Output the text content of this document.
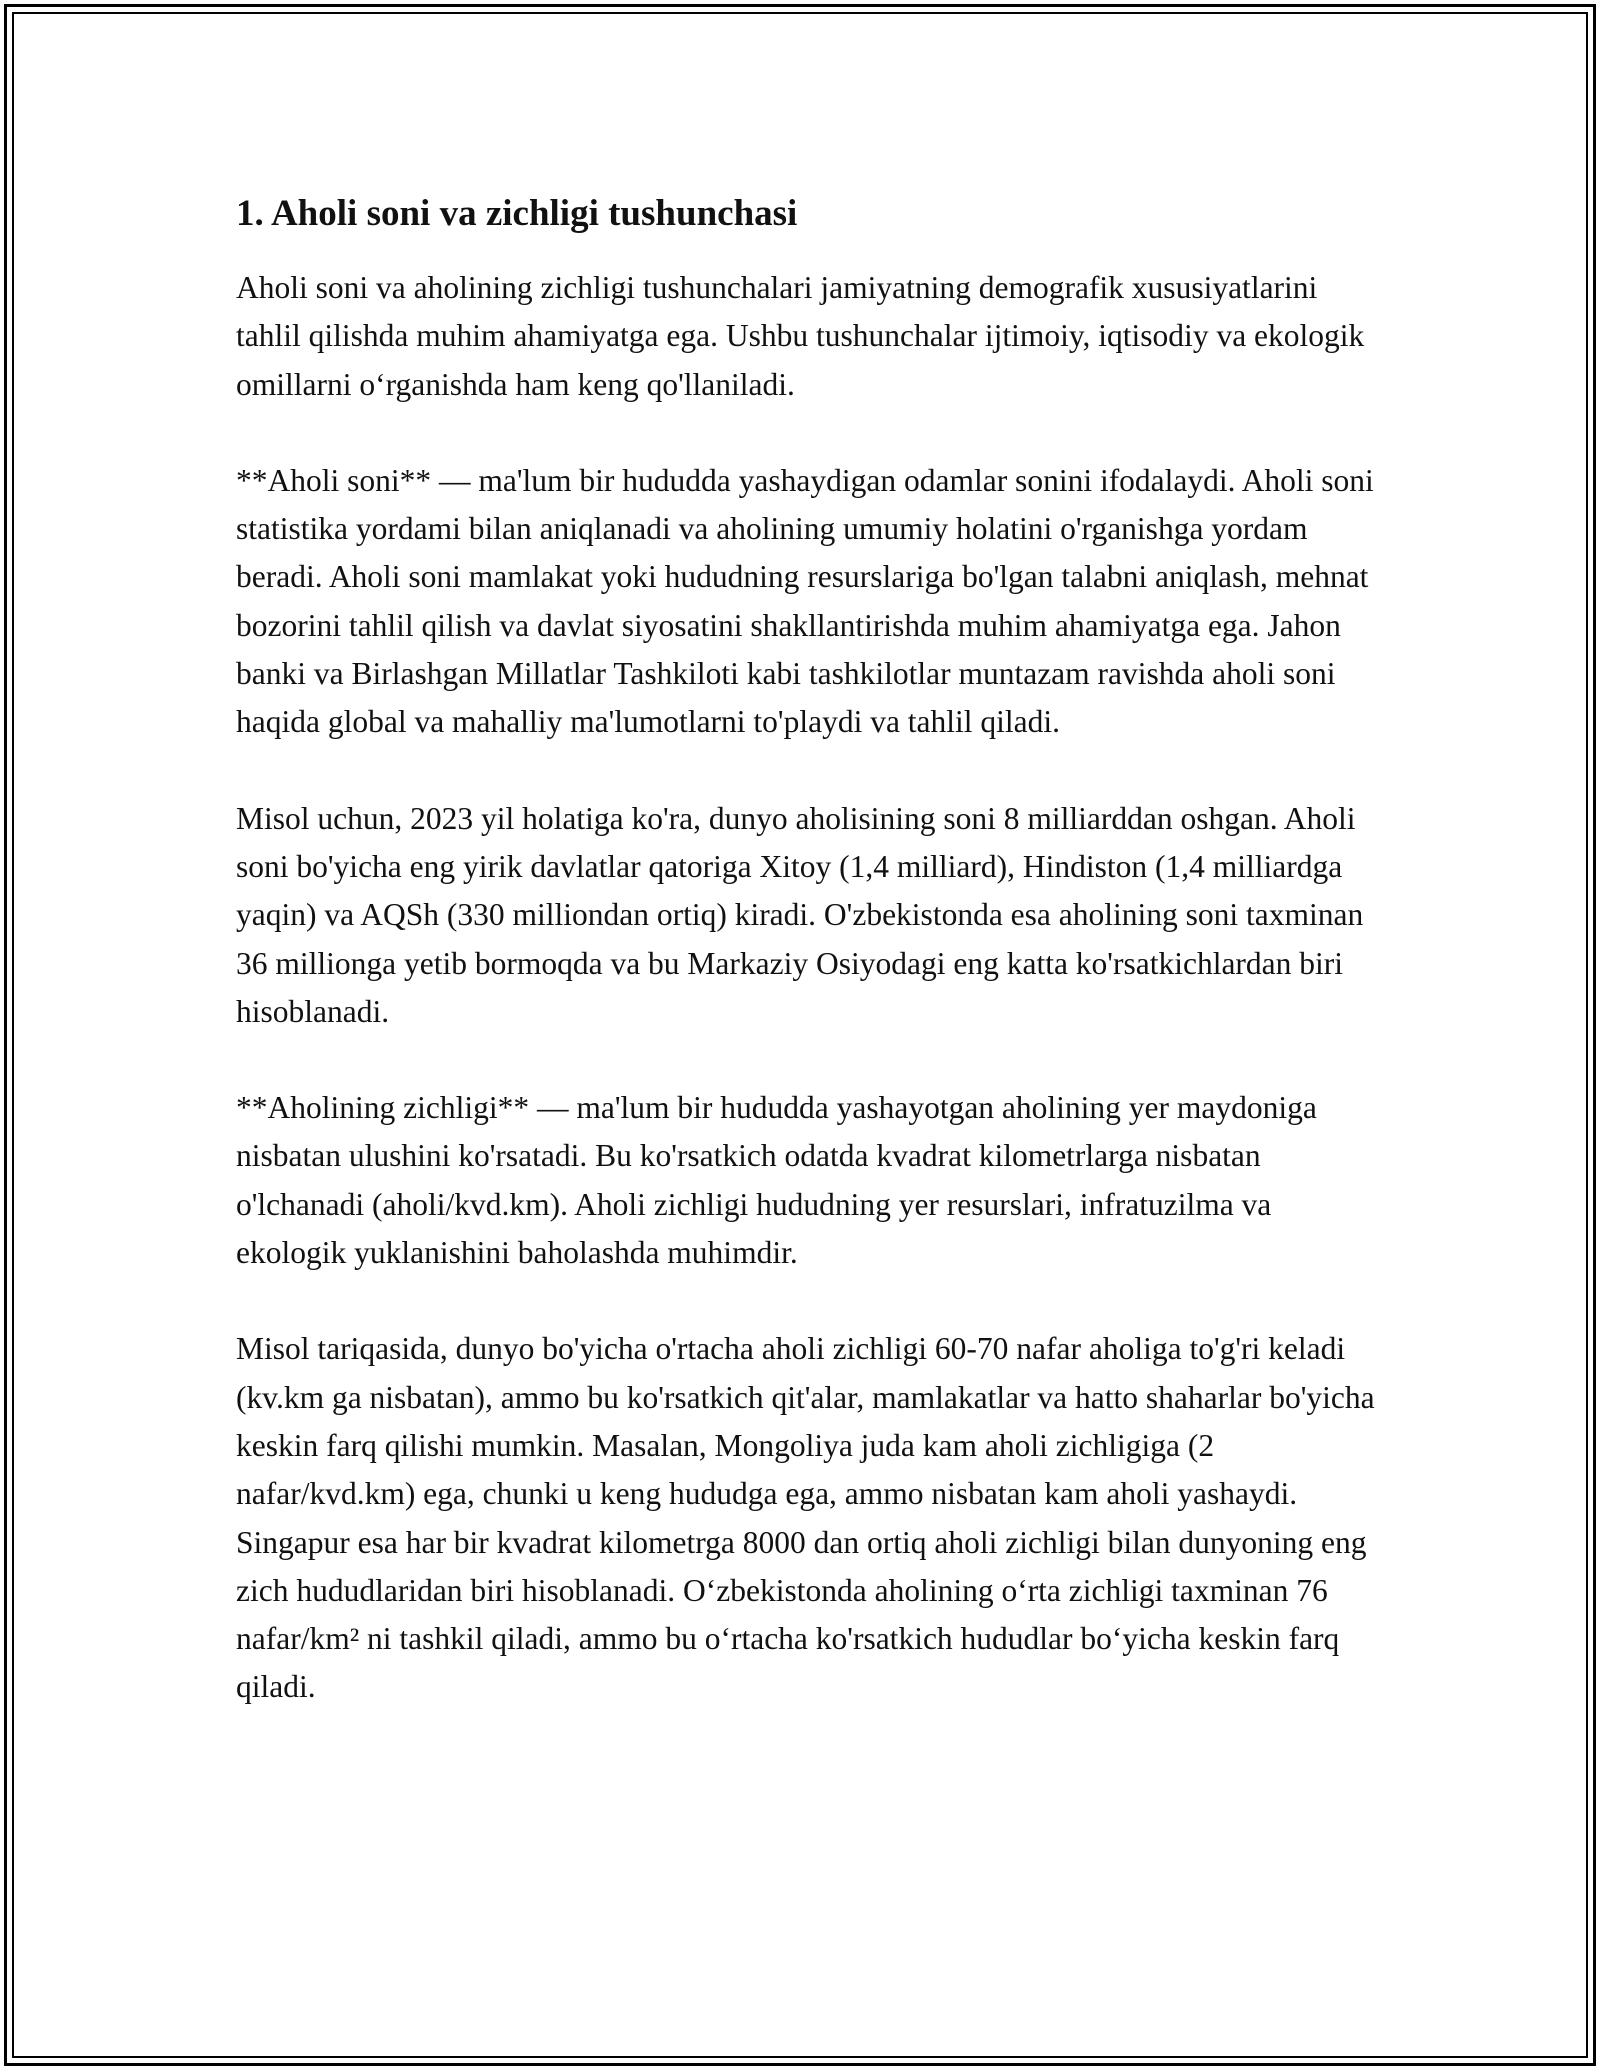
1. Aholi soni va zichligi tushunchasi

Aholi soni va aholining zichligi tushunchalari jamiyatning demografik xususiyatlarini tahlil qilishda muhim ahamiyatga ega. Ushbu tushunchalar ijtimoiy, iqtisodiy va ekologik omillarni oʻrganishda ham keng qo'llaniladi.

**Aholi soni** — ma'lum bir hududda yashaydigan odamlar sonini ifodalaydi. Aholi soni statistika yordami bilan aniqlanadi va aholining umumiy holatini o'rganishga yordam beradi. Aholi soni mamlakat yoki hududning resurslariga bo'lgan talabni aniqlash, mehnat bozorini tahlil qilish va davlat siyosatini shakllantirishda muhim ahamiyatga ega. Jahon banki va Birlashgan Millatlar Tashkiloti kabi tashkilotlar muntazam ravishda aholi soni haqida global va mahalliy ma'lumotlarni to'playdi va tahlil qiladi.

Misol uchun, 2023 yil holatiga ko'ra, dunyo aholisining soni 8 milliarddan oshgan. Aholi soni bo'yicha eng yirik davlatlar qatoriga Xitoy (1,4 milliard), Hindiston (1,4 milliardga yaqin) va AQSh (330 milliondan ortiq) kiradi. O'zbekistonda esa aholining soni taxminan 36 millionga yetib bormoqda va bu Markaziy Osiyodagi eng katta ko'rsatkichlardan biri hisoblanadi.

**Aholining zichligi** — ma'lum bir hududda yashayotgan aholining yer maydoniga nisbatan ulushini ko'rsatadi. Bu ko'rsatkich odatda kvadrat kilometrlarga nisbatan o'lchanadi (aholi/kvd.km). Aholi zichligi hududning yer resurslari, infratuzilma va ekologik yuklanishini baholashda muhimdir.

Misol tariqasida, dunyo bo'yicha o'rtacha aholi zichligi 60-70 nafar aholiga to'g'ri keladi (kv.km ga nisbatan), ammo bu ko'rsatkich qit'alar, mamlakatlar va hatto shaharlar bo'yicha keskin farq qilishi mumkin. Masalan, Mongoliya juda kam aholi zichligiga (2 nafar/kvd.km) ega, chunki u keng hududga ega, ammo nisbatan kam aholi yashaydi. Singapur esa har bir kvadrat kilometrga 8000 dan ortiq aholi zichligi bilan dunyoning eng zich hududlaridan biri hisoblanadi. Oʻzbekistonda aholining oʻrta zichligi taxminan 76 nafar/km² ni tashkil qiladi, ammo bu oʻrtacha ko'rsatkich hududlar boʻyicha keskin farq qiladi.
